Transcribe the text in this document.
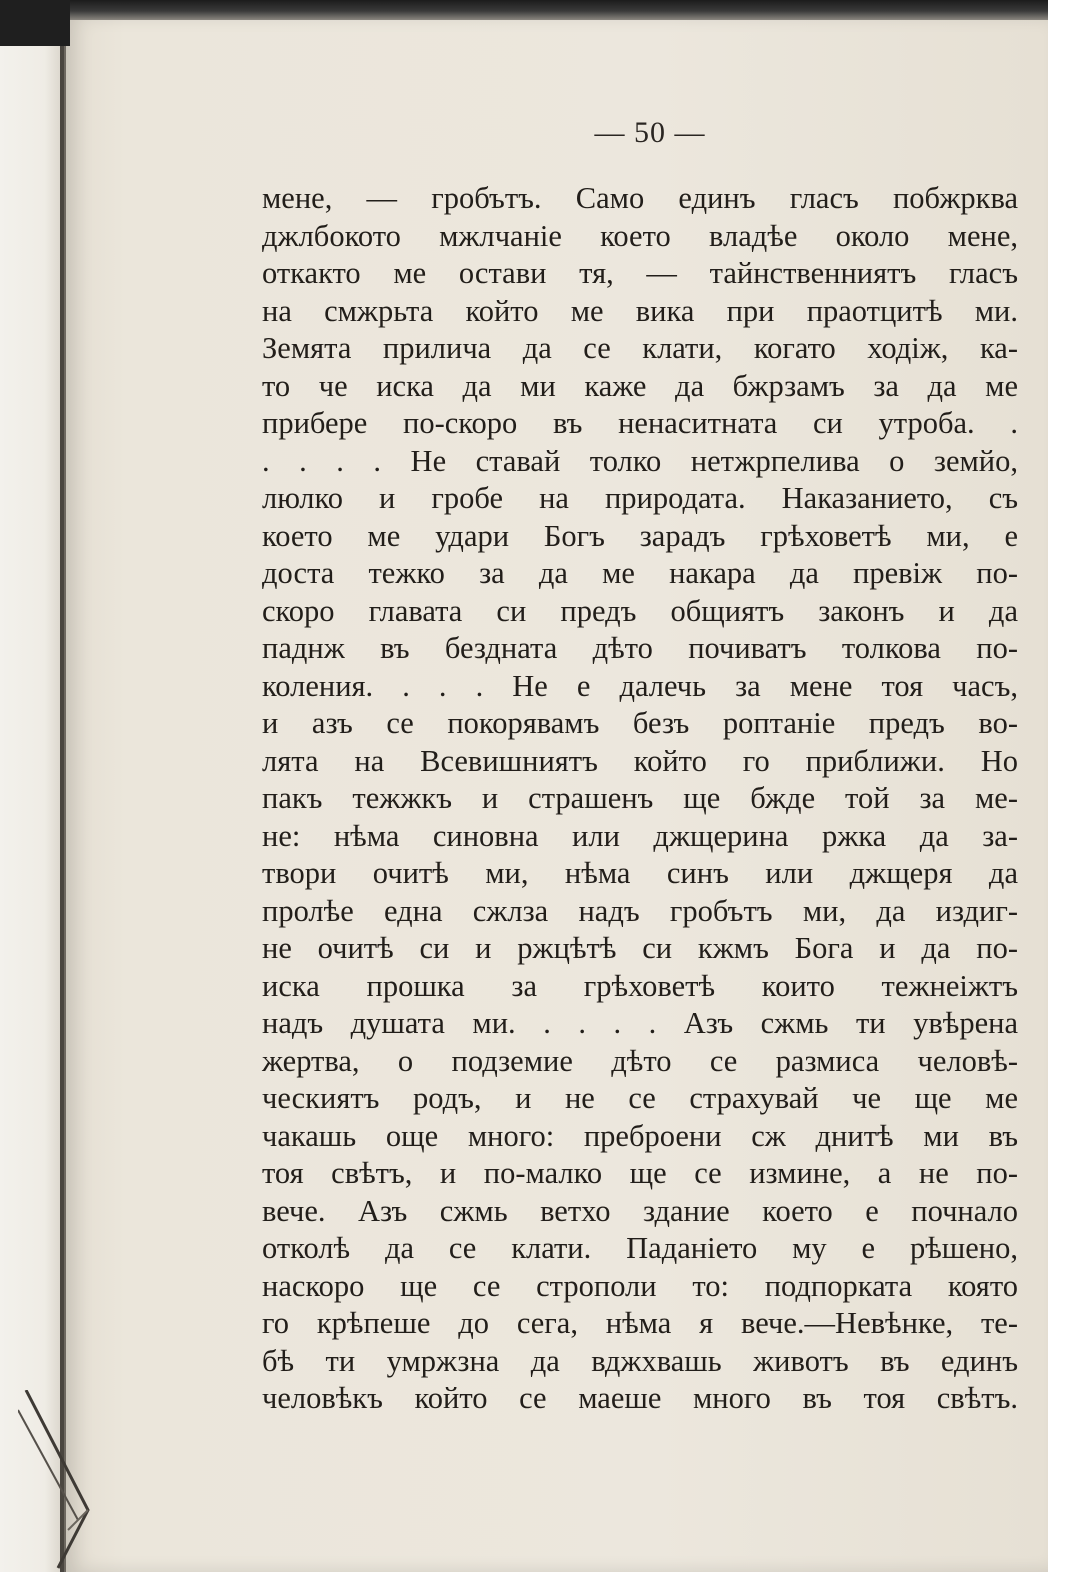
— 50 —
мене, — гробътъ. Само единъ гласъ побжрква
джлбокото мжлчаніе което владѣе около мене,
откакто ме остави тя, — тайнственниятъ гласъ
на смжрьта който ме вика при праотцитѣ ми.
Земята прилича да се клати, когато ходіж, ка-
то че иска да ми каже да бжрзамъ за да ме
прибере по-скоро въ ненаситната си утроба. .
. . . . Не ставай толко нетжрпелива о земйо,
люлко и гробе на природата. Наказанието, съ
което ме удари Богъ зарадъ грѣховетѣ ми, е
доста тежко за да ме накара да превіж по-
скоро главата си предъ общиятъ законъ и да
паднж въ бездната дѣто почиватъ толкова по-
коления. . . . Не е далечь за мене тоя часъ,
и азъ се покорявамъ безъ роптаніе предъ во-
лята на Всевишниятъ който го приближи. Но
пакъ тежжкъ и страшенъ ще бжде той за ме-
не: нѣма синовна или джщерина ржка да за-
твори очитѣ ми, нѣма синъ или джщеря да
пролѣе една сжлза надъ гробътъ ми, да издиг-
не очитѣ си и ржцѣтѣ си кжмъ Бога и да по-
иска прошка за грѣховетѣ които тежнеіжтъ
надъ душата ми. . . . . Азъ сжмь ти увѣрена
жертва, о подземие дѣто се размиса человѣ-
ческиятъ родъ, и не се страхувай че ще ме
чакашь още много: преброени сж днитѣ ми въ
тоя свѣтъ, и по-малко ще се измине, а не по-
вече. Азъ сжмь ветхо здание което е почнало
отколѣ да се клати. Паданіето му е рѣшено,
наскоро ще се строполи то: подпорката която
го крѣпеше до сега, нѣма я вече.—Невѣнке, те-
бѣ ти умржзна да вджхвашь животъ въ единъ
человѣкъ който се маеше много въ тоя свѣтъ.
